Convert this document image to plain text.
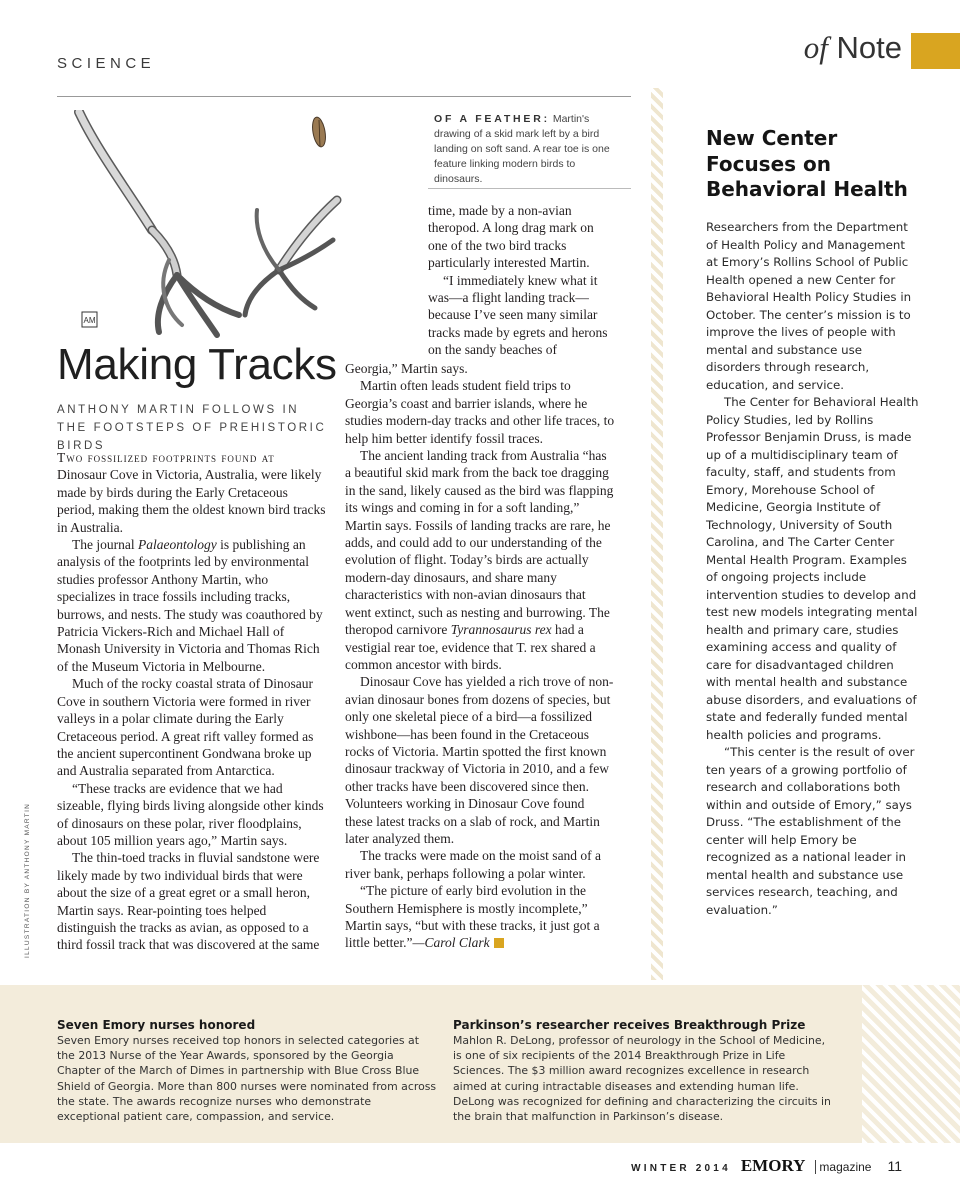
SCIENCE	of Note
AM
ILLUSTRATION BY ANTHONY MARTIN
Making Tracks
ANTHONY MARTIN FOLLOWS IN THE FOOTSTEPS OF PREHISTORIC BIRDS

Two fossilized footprints found at Dinosaur Cove in Victoria, Australia, were likely made by birds during the Early Cretaceous period, making them the oldest known bird tracks in Australia.

The journal Palaeontology is publishing an analysis of the footprints led by environmental studies professor Anthony Martin, who specializes in trace fossils including tracks, burrows, and nests. The study was coauthored by Patricia Vickers-Rich and Michael Hall of Monash University in Victoria and Thomas Rich of the Museum Victoria in Melbourne.

Much of the rocky coastal strata of Dinosaur Cove in southern Victoria were formed in river valleys in a polar climate during the Early Cretaceous period. A great rift valley formed as the ancient supercontinent Gondwana broke up and Australia separated from Antarctica.

“These tracks are evidence that we had sizeable, flying birds living alongside other kinds of dinosaurs on these polar, river floodplains, about 105 million years ago,” Martin says.

The thin-toed tracks in fluvial sandstone were likely made by two individual birds that were about the size of a great egret or a small heron, Martin says. Rear-pointing toes helped distinguish the tracks as avian, as opposed to a third fossil track that was discovered at the same

OF A FEATHER: Martin's drawing of a skid mark left by a bird landing on soft sand. A rear toe is one feature linking modern birds to dinosaurs.

time, made by a non-avian theropod. A long drag mark on one of the two bird tracks particularly interested Martin.

“I immediately knew what it was—a flight landing track—because I’ve seen many similar tracks made by egrets and herons on the sandy beaches of

Georgia,” Martin says.

Martin often leads student field trips to Georgia’s coast and barrier islands, where he studies modern-day tracks and other life traces, to help him better identify fossil traces.

The ancient landing track from Australia “has a beautiful skid mark from the back toe dragging in the sand, likely caused as the bird was flapping its wings and coming in for a soft landing,” Martin says. Fossils of landing tracks are rare, he adds, and could add to our understanding of the evolution of flight. Today’s birds are actually modern-day dinosaurs, and share many characteristics with non-avian dinosaurs that went extinct, such as nesting and burrowing. The theropod carnivore Tyrannosaurus rex had a vestigial rear toe, evidence that T. rex shared a common ancestor with birds.

Dinosaur Cove has yielded a rich trove of non-avian dinosaur bones from dozens of species, but only one skeletal piece of a bird—a fossilized wishbone—has been found in the Cretaceous rocks of Victoria. Martin spotted the first known dinosaur trackway of Victoria in 2010, and a few other tracks have been discovered since then. Volunteers working in Dinosaur Cove found these latest tracks on a slab of rock, and Martin later analyzed them.

The tracks were made on the moist sand of a river bank, perhaps following a polar winter.

“The picture of early bird evolution in the Southern Hemisphere is mostly incomplete,” Martin says, “but with these tracks, it just got a little better.”—Carol Clark

New Center Focuses on Behavioral Health

Researchers from the Department of Health Policy and Management at Emory’s Rollins School of Public Health opened a new Center for Behavioral Health Policy Studies in October. The center’s mission is to improve the lives of people with mental and substance use disorders through research, education, and service.

The Center for Behavioral Health Policy Studies, led by Rollins Professor Benjamin Druss, is made up of a multidisciplinary team of faculty, staff, and students from Emory, Morehouse School of Medicine, Georgia Institute of Technology, University of South Carolina, and The Carter Center Mental Health Program. Examples of ongoing projects include intervention studies to develop and test new models integrating mental health and primary care, studies examining access and quality of care for disadvantaged children with mental health and substance abuse disorders, and evaluations of state and federally funded mental health policies and programs.

“This center is the result of over ten years of a growing portfolio of research and collaborations both within and outside of Emory,” says Druss. “The establishment of the center will help Emory be recognized as a national leader in mental health and substance use services research, teaching, and evaluation.”

Seven Emory nurses honored
Seven Emory nurses received top honors in selected categories at the 2013 Nurse of the Year Awards, sponsored by the Georgia Chapter of the March of Dimes in partnership with Blue Cross Blue Shield of Georgia. More than 800 nurses were nominated from across the state. The awards recognize nurses who demonstrate exceptional patient care, compassion, and service.
Parkinson’s researcher receives Breakthrough Prize
Mahlon R. DeLong, professor of neurology in the School of Medicine, is one of six recipients of the 2014 Breakthrough Prize in Life Sciences. The $3 million award recognizes excellence in research aimed at curing intractable diseases and extending human life. DeLong was recognized for defining and characterizing the circuits in the brain that malfunction in Parkinson’s disease.
WINTER 2014 EMORY	magazine 11
